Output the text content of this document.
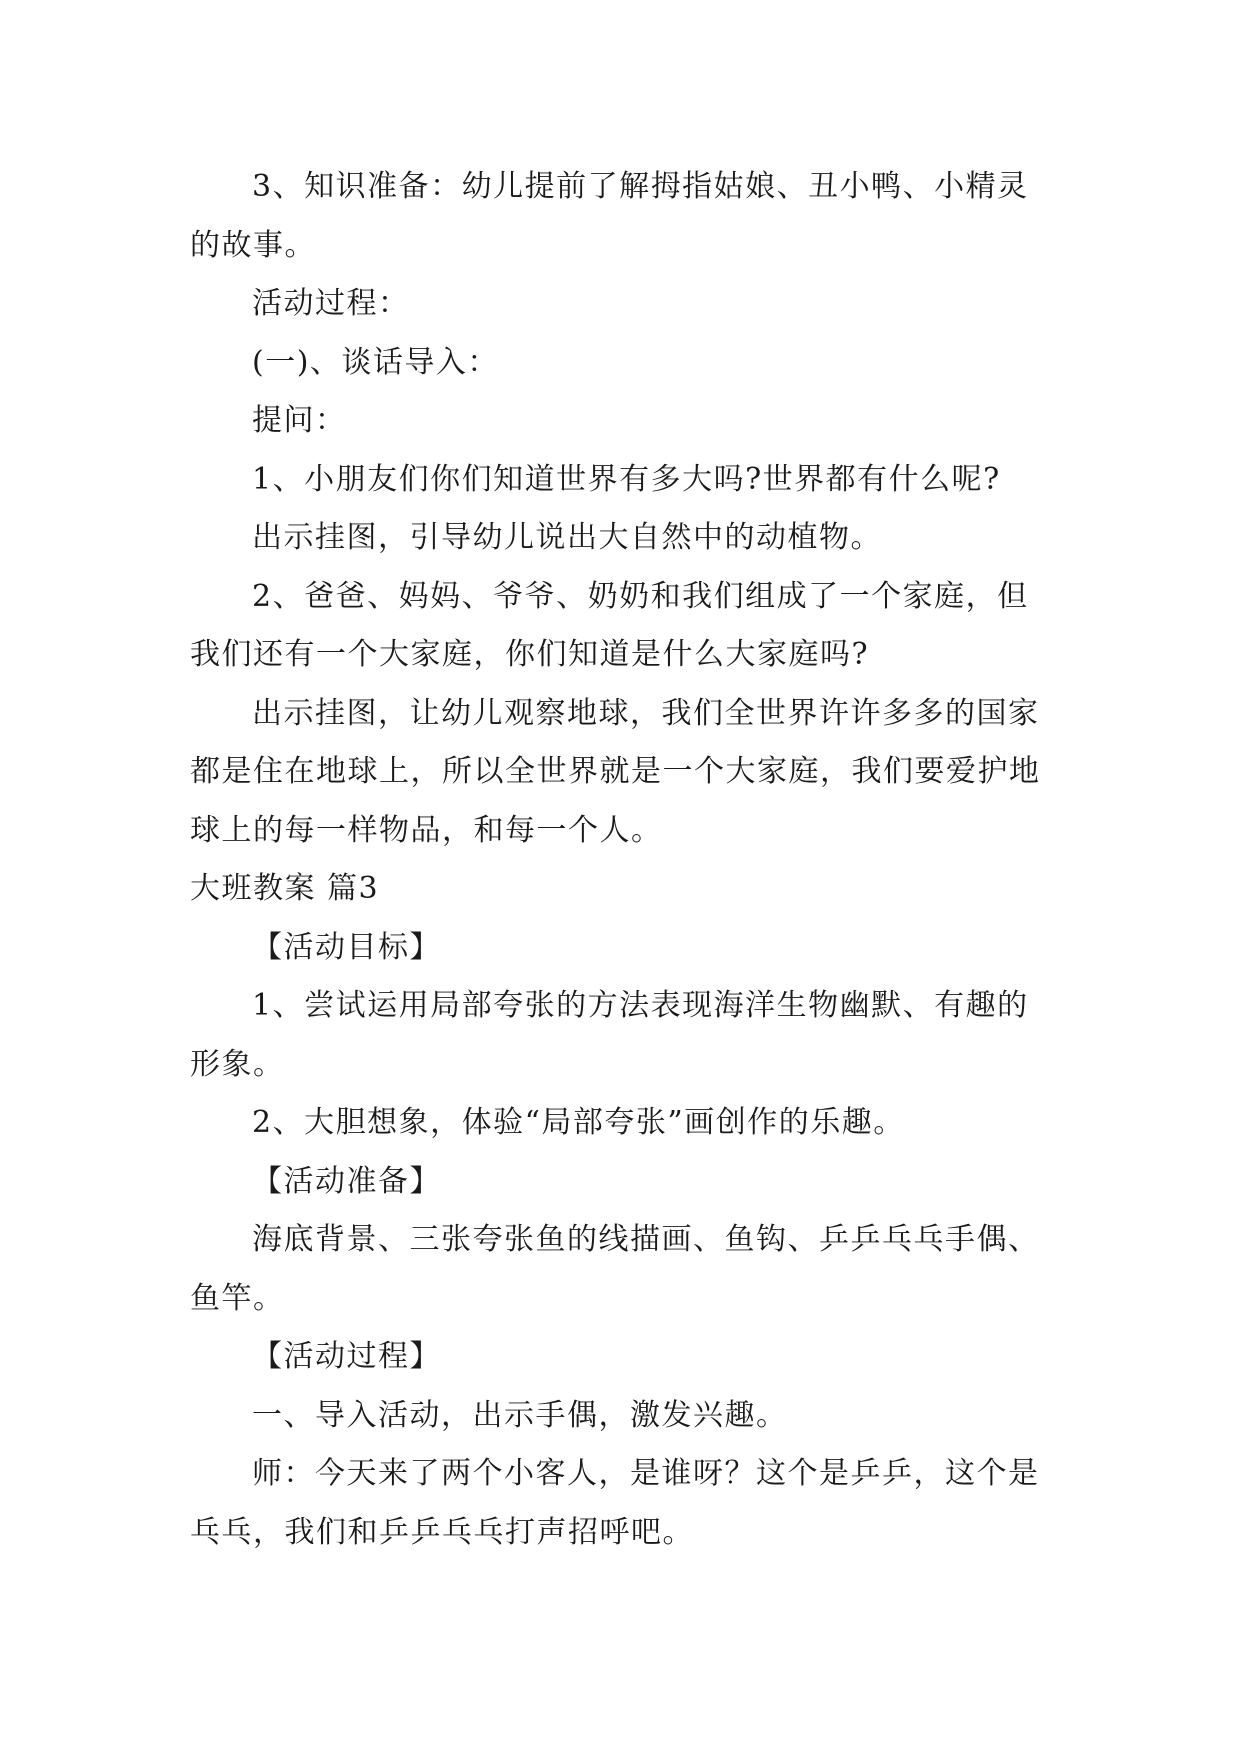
3、知识准备：幼儿提前了解拇指姑娘、丑小鸭、小精灵的故事。

活动过程：

(一)、谈话导入：

提问：

1、小朋友们你们知道世界有多大吗?世界都有什么呢?

出示挂图，引导幼儿说出大自然中的动植物。

2、爸爸、妈妈、爷爷、奶奶和我们组成了一个家庭，但我们还有一个大家庭，你们知道是什么大家庭吗?

出示挂图，让幼儿观察地球，我们全世界许许多多的国家都是住在地球上，所以全世界就是一个大家庭，我们要爱护地球上的每一样物品，和每一个人。

大班教案 篇3

【活动目标】

1、尝试运用局部夸张的方法表现海洋生物幽默、有趣的形象。

2、大胆想象，体验“局部夸张”画创作的乐趣。

【活动准备】

海底背景、三张夸张鱼的线描画、鱼钩、乒乒乓乓手偶、鱼竿。

【活动过程】

一、导入活动，出示手偶，激发兴趣。

师：今天来了两个小客人，是谁呀？这个是乒乒，这个是乓乓，我们和乒乒乓乓打声招呼吧。
